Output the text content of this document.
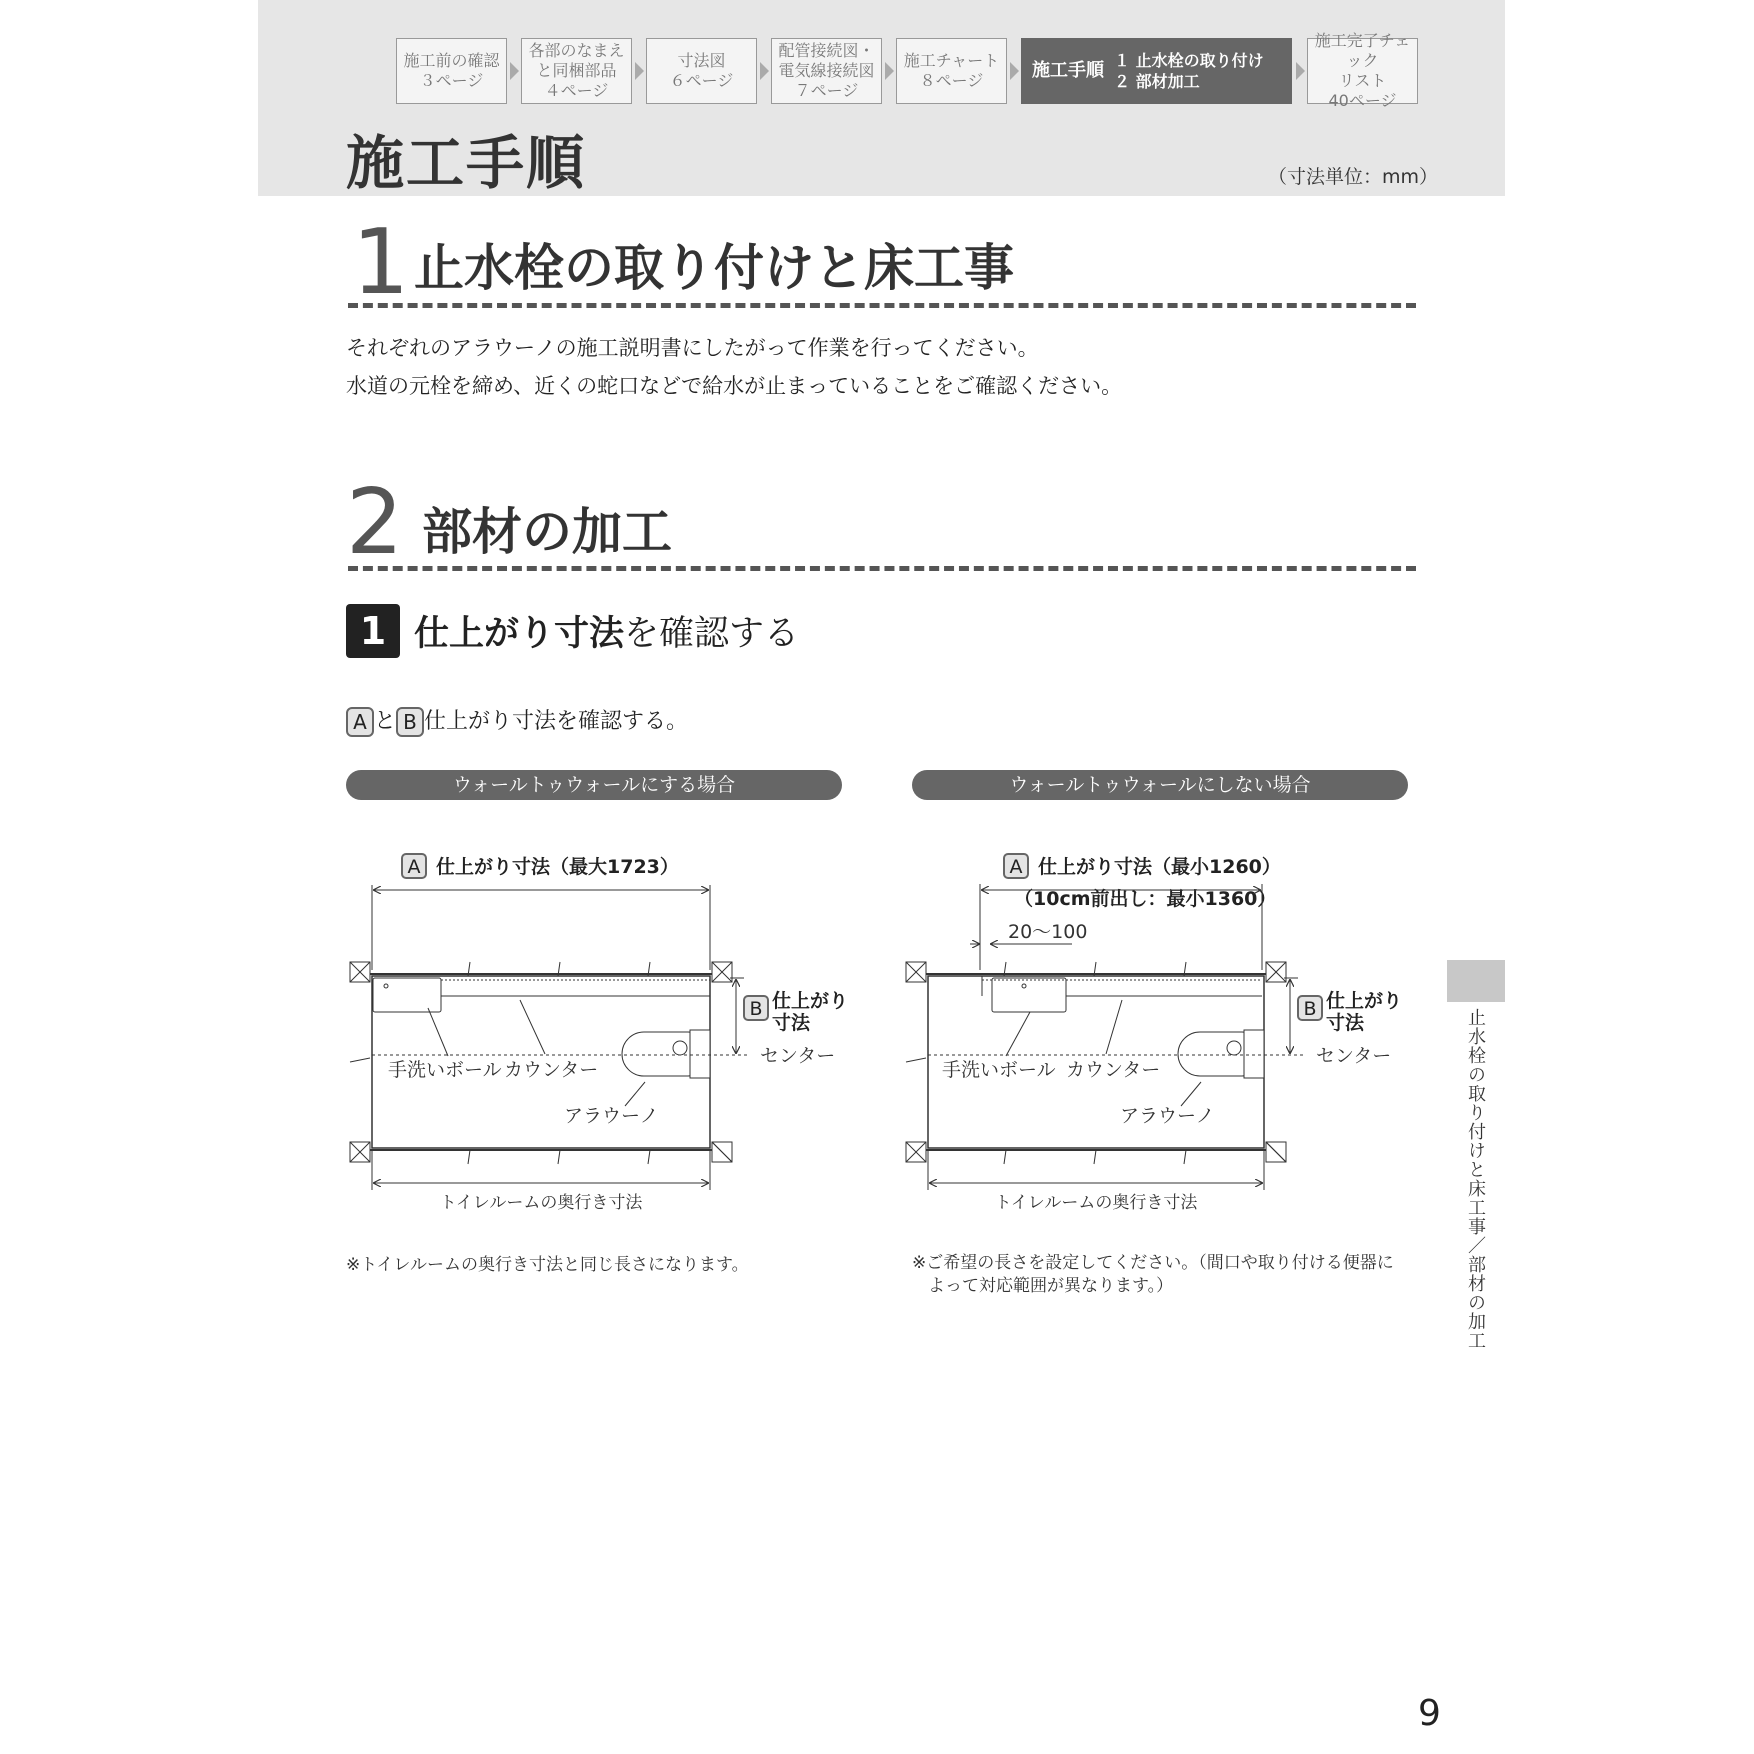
施工前の確認
３ページ
各部のなまえ
と同梱部品
４ページ
寸法図
６ページ
配管接続図・
電気線接続図
７ページ
施工チャート
８ページ	施工手順 １ 止水栓の取り付け
２ 部材加工
施工完了チェック
リスト
40ページ
施工手順	（寸法単位：mm）
1 止水栓の取り付けと床工事
それぞれのアラウーノの施工説明書にしたがって作業を行ってください。
水道の元栓を締め、近くの蛇口などで給水が止まっていることをご確認ください。
2 部材の加工
1 仕上がり寸法を確認する
A と B 仕上がり寸法を確認する。
ウォールトゥウォールにする場合	ウォールトゥウォールにしない場合
A 仕上がり寸法（最大1723）
B 仕上がり
寸法
センター
手洗いボール カウンター
アラウーノ
トイレルームの奥行き寸法
A 仕上がり寸法（最小1260）
（10cm前出し：最小1360）
20～100
B 仕上がり
寸法
センター
手洗いボール カウンター
アラウーノ
トイレルームの奥行き寸法
※トイレルームの奥行き寸法と同じ長さになります。	※ご希望の長さを設定してください。（間口や取り付ける便器に
よって対応範囲が異なります。）	止水栓の取り付けと床工事／部材の加工
9
